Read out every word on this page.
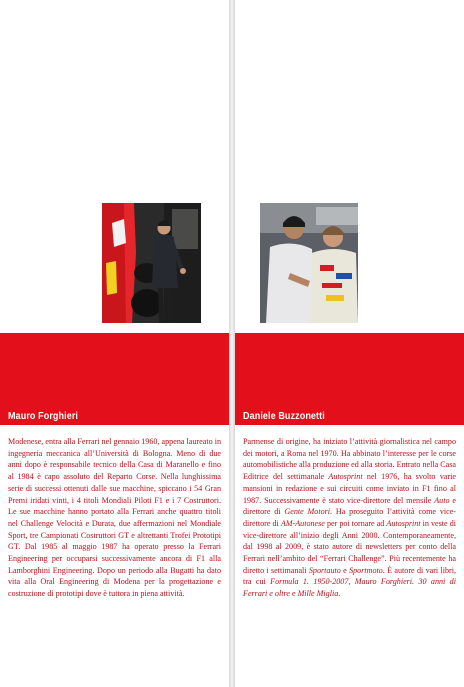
Mauro Forghieri

Modenese, entra alla Ferrari nel gennaio 1960, appena laureato in ingegneria meccanica all’Università di Bologna. Meno di due anni dopo è responsabile tecnico della Casa di Maranello e fino al 1984 è capo assoluto del Reparto Corse. Nella lunghissima serie di successi ottenuti dalle sue macchine, spiccano i 54 Gran Premi iridati vinti, i 4 titoli Mondiali Piloti F1 e i 7 Costruttori. Le sue macchine hanno portato alla Ferrari anche quattro titoli nel Challenge Velocità e Durata, due affermazioni nel Mondiale Sport, tre Campionati Costruttori GT e altrettanti Trofei Prototipi GT. Dal 1985 al maggio 1987 ha operato presso la Ferrari Engineering per occuparsi successivamente ancora di F1 alla Lamborghini Engineering. Dopo un periodo alla Bugatti ha dato vita alla Oral Engineering di Modena per la progettazione e costruzione di prototipi dove è tuttora in piena attività.

Daniele Buzzonetti

Parmense di origine, ha iniziato l’attività giornalistica nel campo dei motori, a Roma nel 1970. Ha abbinato l’interesse per le corse automobilistiche alla produzione ed alla storia. Entrato nella Casa Editrice del settimanale Autosprint nel 1976, ha svolto varie mansioni in redazione e sui circuiti come inviato in F1 fino al 1987. Successivamente è stato vice-direttore del mensile Auto e direttore di Gente Motori. Ha proseguito l’attività come vice-direttore di AM-Autonese per poi tornare ad Autosprint in veste di vice-direttore all’inizio degli Anni 2000. Contemporaneamente, dal 1998 al 2009, è stato autore di newsletters per conto della Ferrari nell’ambito del “Ferrari Challenge”. Più recentemente ha diretto i settimanali Sportauto e Sportmoto. È autore di vari libri, tra cui Formula 1. 1950-2007, Mauro Forghieri. 30 anni di Ferrari e oltre e Mille Miglia.
